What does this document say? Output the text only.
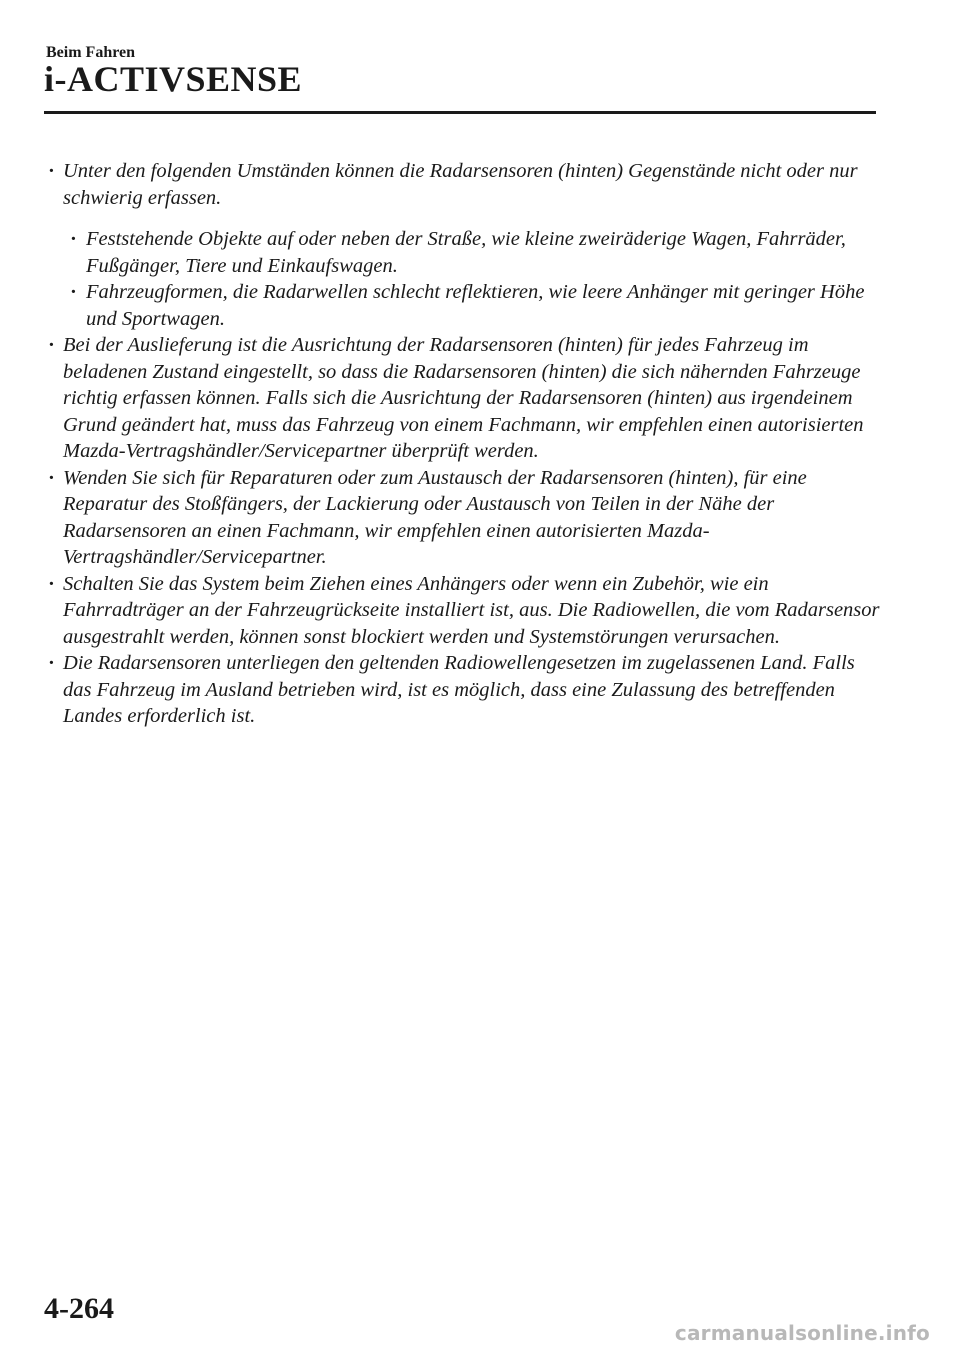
Beim Fahren
i-ACTIVSENSE
· Unter den folgenden Umständen können die Radarsensoren (hinten) Gegenstände nicht oder nur schwierig erfassen.
· Feststehende Objekte auf oder neben der Straße, wie kleine zweiräderige Wagen, Fahrräder, Fußgänger, Tiere und Einkaufswagen.
· Fahrzeugformen, die Radarwellen schlecht reflektieren, wie leere Anhänger mit geringer Höhe und Sportwagen.
· Bei der Auslieferung ist die Ausrichtung der Radarsensoren (hinten) für jedes Fahrzeug im beladenen Zustand eingestellt, so dass die Radarsensoren (hinten) die sich nähernden Fahrzeuge richtig erfassen können. Falls sich die Ausrichtung der Radarsensoren (hinten) aus irgendeinem Grund geändert hat, muss das Fahrzeug von einem Fachmann, wir empfehlen einen autorisierten Mazda-Vertragshändler/Servicepartner überprüft werden.
· Wenden Sie sich für Reparaturen oder zum Austausch der Radarsensoren (hinten), für eine Reparatur des Stoßfängers, der Lackierung oder Austausch von Teilen in der Nähe der Radarsensoren an einen Fachmann, wir empfehlen einen autorisierten Mazda-Vertragshändler/Servicepartner.
· Schalten Sie das System beim Ziehen eines Anhängers oder wenn ein Zubehör, wie ein Fahrradträger an der Fahrzeugrückseite installiert ist, aus. Die Radiowellen, die vom Radarsensor ausgestrahlt werden, können sonst blockiert werden und Systemstörungen verursachen.
· Die Radarsensoren unterliegen den geltenden Radiowellengesetzen im zugelassenen Land. Falls das Fahrzeug im Ausland betrieben wird, ist es möglich, dass eine Zulassung des betreffenden Landes erforderlich ist.
4-264
carmanualsonline.info
